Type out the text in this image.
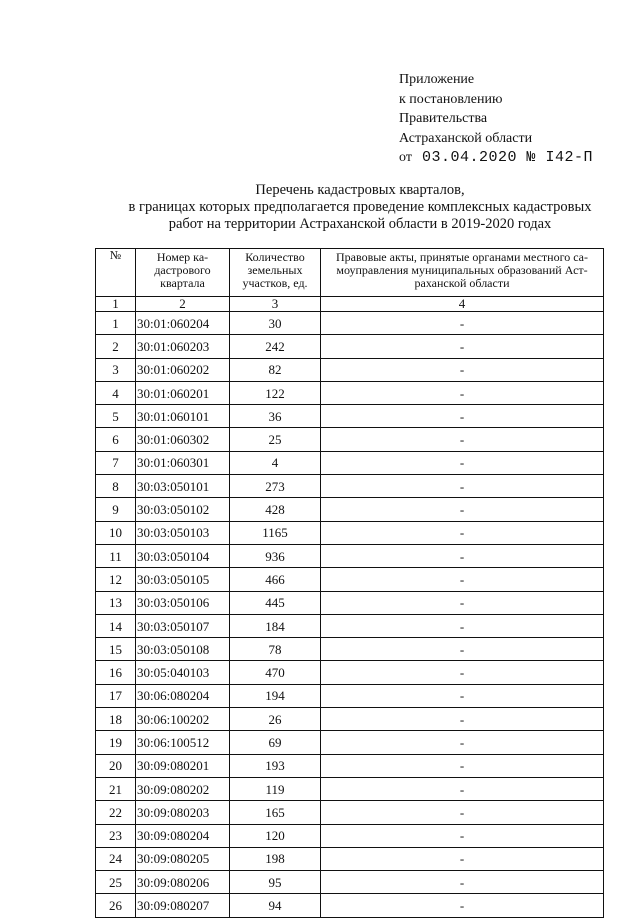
Приложение
к постановлению
Правительства
Астраханской области
от 03.04.2020 № I42-П
Перечень кадастровых кварталов,
в границах которых предполагается проведение комплексных кадастровых
работ на территории Астраханской области в 2019-2020 годах
№	Номер ка-дастрового квартала	Количество земельных участков, ед.	Правовые акты, принятые органами местного са-моуправления муниципальных образований Аст-раханской области
1	2	3	4
1	30:01:060204	30	-
2	30:01:060203	242	-
3	30:01:060202	82	-
4	30:01:060201	122	-
5	30:01:060101	36	-
6	30:01:060302	25	-
7	30:01:060301	4	-
8	30:03:050101	273	-
9	30:03:050102	428	-
10	30:03:050103	1165	-
11	30:03:050104	936	-
12	30:03:050105	466	-
13	30:03:050106	445	-
14	30:03:050107	184	-
15	30:03:050108	78	-
16	30:05:040103	470	-
17	30:06:080204	194	-
18	30:06:100202	26	-
19	30:06:100512	69	-
20	30:09:080201	193	-
21	30:09:080202	119	-
22	30:09:080203	165	-
23	30:09:080204	120	-
24	30:09:080205	198	-
25	30:09:080206	95	-
26	30:09:080207	94	-
